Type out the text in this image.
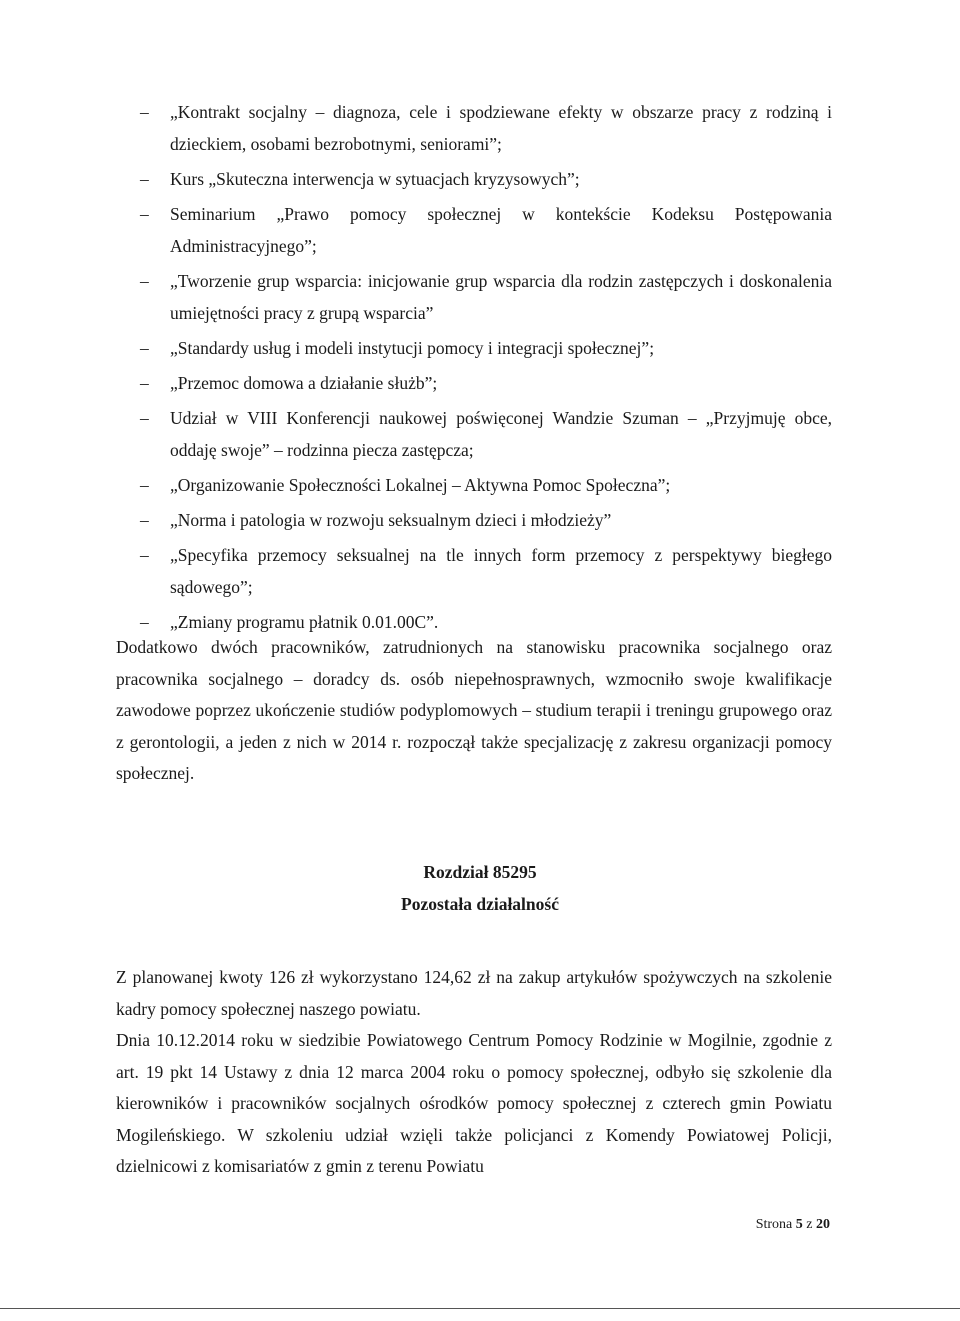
– „Kontrakt socjalny – diagnoza, cele i spodziewane efekty w obszarze pracy z rodziną i dzieckiem, osobami bezrobotnymi, seniorami”;
– Kurs „Skuteczna interwencja w sytuacjach kryzysowych”;
– Seminarium „Prawo pomocy społecznej w kontekście Kodeksu Postępowania Administracyjnego”;
– „Tworzenie grup wsparcia: inicjowanie grup wsparcia dla rodzin zastępczych i doskonalenia umiejętności pracy z grupą wsparcia”
– „Standardy usług i modeli instytucji pomocy i integracji społecznej”;
– „Przemoc domowa a działanie służb”;
– Udział w VIII Konferencji naukowej poświęconej Wandzie Szuman – „Przyjmuję obce, oddaję swoje” – rodzinna piecza zastępcza;
– „Organizowanie Społeczności Lokalnej – Aktywna Pomoc Społeczna”;
– „Norma i patologia w rozwoju seksualnym dzieci i młodzieży”
– „Specyfika przemocy seksualnej na tle innych form przemocy z perspektywy biegłego sądowego”;
– „Zmiany programu płatnik 0.01.00C”.

Dodatkowo dwóch pracowników, zatrudnionych na stanowisku pracownika socjalnego oraz pracownika socjalnego – doradcy ds. osób niepełnosprawnych, wzmocniło swoje kwalifikacje zawodowe poprzez ukończenie studiów podyplomowych – studium terapii i treningu grupowego oraz z gerontologii, a jeden z nich w 2014 r. rozpoczął także specjalizację z zakresu organizacji pomocy społecznej.

Rozdział 85295
Pozostała działalność

Z planowanej kwoty 126 zł wykorzystano 124,62 zł na zakup artykułów spożywczych na szkolenie kadry pomocy społecznej naszego powiatu.

Dnia 10.12.2014 roku w siedzibie Powiatowego Centrum Pomocy Rodzinie w Mogilnie, zgodnie z art. 19 pkt 14 Ustawy z dnia 12 marca 2004 roku o pomocy społecznej, odbyło się szkolenie dla kierowników i pracowników socjalnych ośrodków pomocy społecznej z czterech gmin Powiatu Mogileńskiego. W szkoleniu udział wzięli także policjanci z Komendy Powiatowej Policji, dzielnicowi z komisariatów z gmin z terenu Powiatu

Strona 5 z 20
